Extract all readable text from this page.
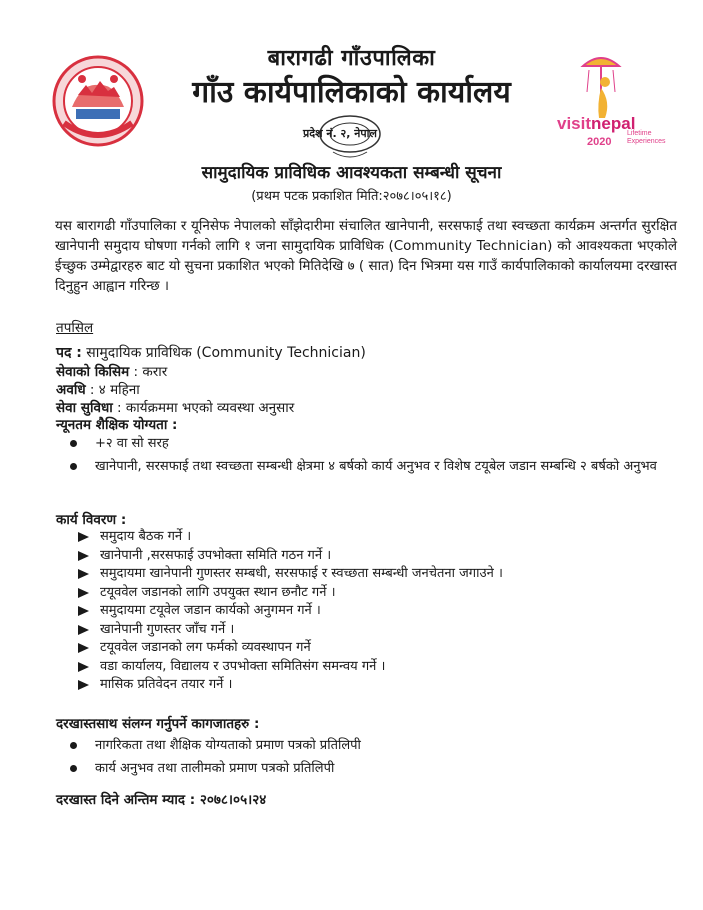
visitnepal
2020
Lifetime
Experiences
बारागढी गाँउपालिका
गाँउ कार्यपालिकाको कार्यालय
प्रदेश नं. २, नेपाल
सामुदायिक प्राविधिक आवश्यकता सम्बन्धी सूचना
(प्रथम पटक प्रकाशित मिति:२०७८।०५।१८)
यस बारागढी गाँउपालिका र यूनिसेफ नेपालको साँझेदारीमा संचालित खानेपानी, सरसफाई तथा स्वच्छता कार्यक्रम अन्तर्गत सुरक्षित खानेपानी समुदाय घोषणा गर्नको लागि १ जना सामुदायिक प्राविधिक (Community Technician) को आवश्यकता भएकोले ईच्छुक उम्मेद्वारहरु बाट यो सुचना प्रकाशित भएको मितिदेखि ७ ( सात) दिन भित्रमा यस गाउँ कार्यपालिकाको कार्यालयमा दरखास्त दिनुहुन आह्वान गरिन्छ ।
तपसिल
पद : सामुदायिक प्राविधिक (Community Technician)
सेवाको किसिम : करार
अवधि : ४ महिना
सेवा सुविधा : कार्यक्रममा भएको व्यवस्था अनुसार
न्यूनतम शैक्षिक योग्यता :
+२ वा सो सरह
खानेपानी, सरसफाई तथा स्वच्छता सम्बन्धी क्षेत्रमा ४ बर्षको कार्य अनुभव र विशेष टयूबेल जडान सम्बन्धि २ बर्षको अनुभव
कार्य विवरण :
समुदाय बैठक गर्ने ।
खानेपानी ,सरसफाई उपभोक्ता समिति गठन गर्ने ।
समुदायमा खानेपानी गुणस्तर सम्बधी, सरसफाई र स्वच्छता सम्बन्धी जनचेतना जगाउने ।
टयूववेल जडानको लागि उपयुक्त स्थान छनौट गर्ने ।
समुदायमा टयूवेल जडान कार्यको अनुगमन गर्ने ।
खानेपानी गुणस्तर जाँच गर्ने ।
टयूववेल जडानको लग फर्मको व्यवस्थापन गर्ने
वडा कार्यालय, विद्यालय र उपभोक्ता समितिसंग समन्वय गर्ने ।
मासिक प्रतिवेदन तयार गर्ने ।
दरखास्तसाथ संलग्न गर्नुपर्ने कागजातहरु :
नागरिकता तथा शैक्षिक योग्यताको प्रमाण पत्रको प्रतिलिपी
कार्य अनुभव तथा तालीमको प्रमाण पत्रको प्रतिलिपी
दरखास्त दिने अन्तिम म्याद : २०७८।०५।२४
